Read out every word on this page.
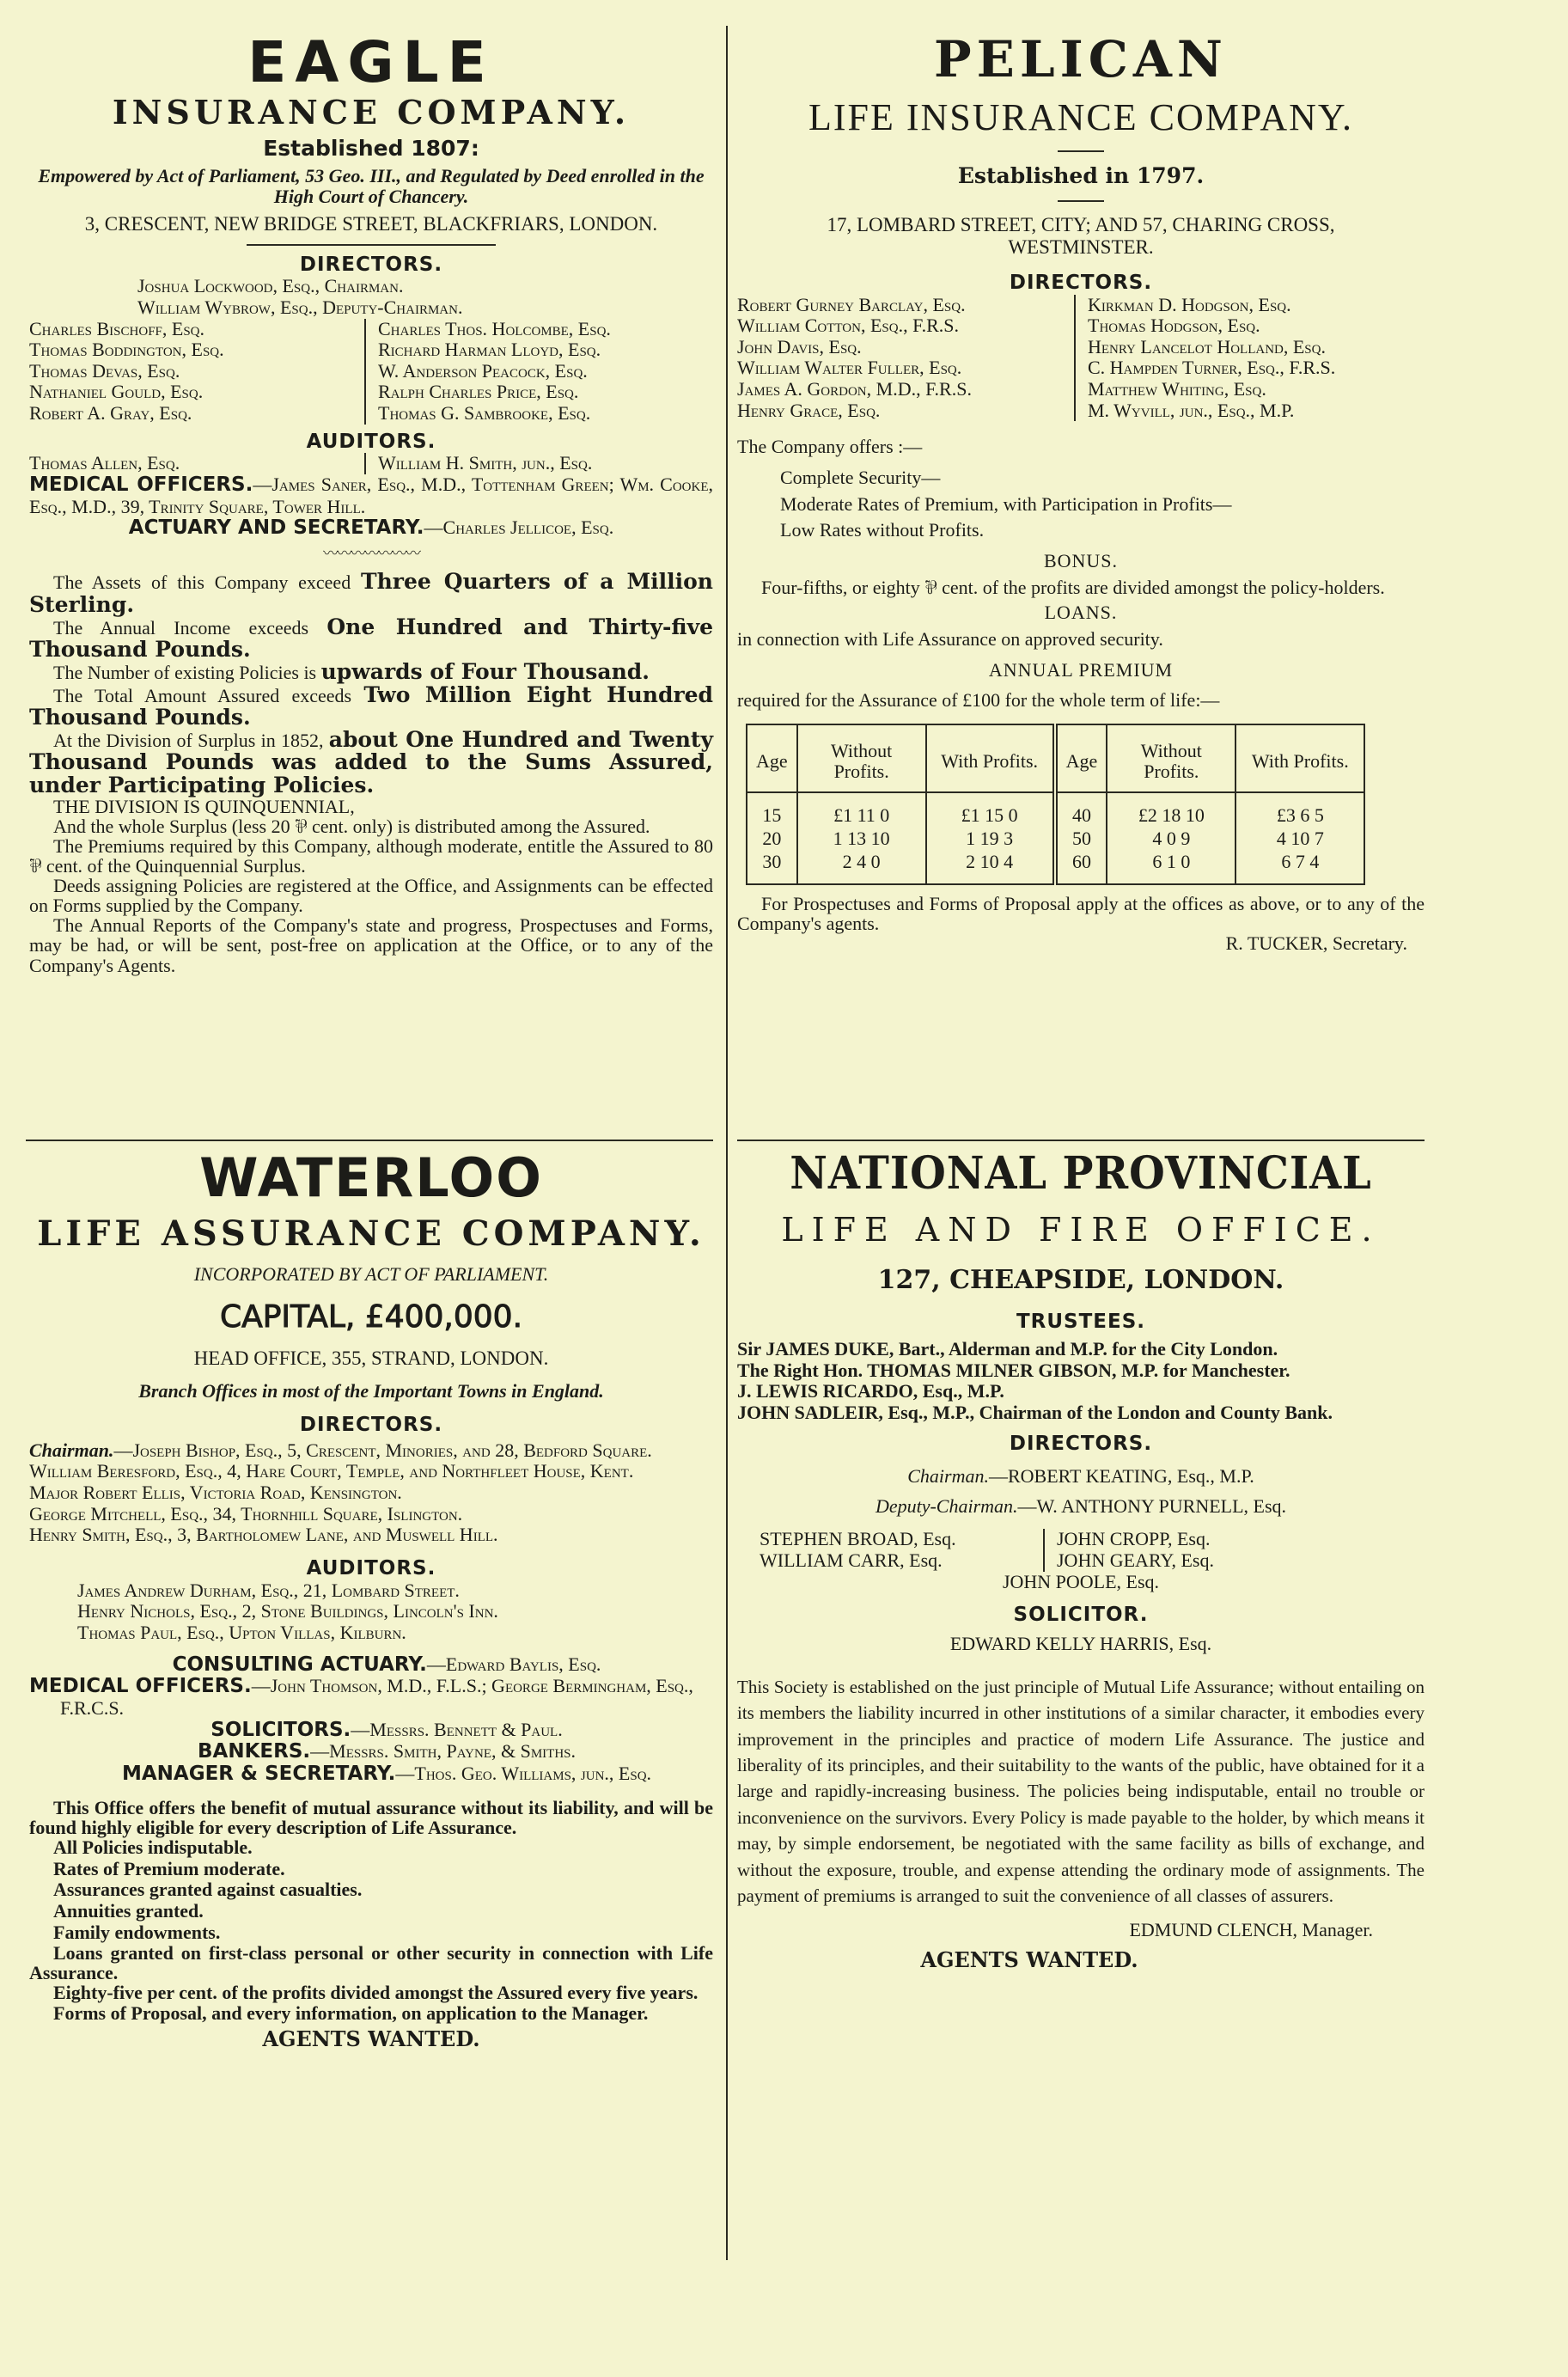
EAGLE
INSURANCE COMPANY.
Established 1807:
Empowered by Act of Parliament, 53 Geo. III., and Regulated by Deed enrolled in the High Court of Chancery.
3, CRESCENT, NEW BRIDGE STREET, BLACKFRIARS, LONDON.
DIRECTORS.
Joshua Lockwood, Esq., Chairman.
William Wybrow, Esq., Deputy-Chairman.
Charles Bischoff, Esq.
Thomas Boddington, Esq.
Thomas Devas, Esq.
Nathaniel Gould, Esq.
Robert A. Gray, Esq.
Charles Thos. Holcombe, Esq.
Richard Harman Lloyd, Esq.
W. Anderson Peacock, Esq.
Ralph Charles Price, Esq.
Thomas G. Sambrooke, Esq.
AUDITORS.
Thomas Allen, Esq.	William H. Smith, jun., Esq.
MEDICAL OFFICERS.—James Saner, Esq., M.D., Tottenham Green; Wm. Cooke, Esq., M.D., 39, Trinity Square, Tower Hill.
ACTUARY AND SECRETARY.—Charles Jellicoe, Esq.
〰〰〰〰〰〰〰
The Assets of this Company exceed Three Quarters of a Million Sterling.
The Annual Income exceeds One Hundred and Thirty-five Thousand Pounds.
The Number of existing Policies is upwards of Four Thousand.
The Total Amount Assured exceeds Two Million Eight Hundred Thousand Pounds.
At the Division of Surplus in 1852, about One Hundred and Twenty Thousand Pounds was added to the Sums Assured, under Participating Policies.
THE DIVISION IS QUINQUENNIAL,
And the whole Surplus (less 20 ⅌ cent. only) is distributed among the Assured.
The Premiums required by this Company, although moderate, entitle the Assured to 80 ⅌ cent. of the Quinquennial Surplus.
Deeds assigning Policies are registered at the Office, and Assignments can be effected on Forms supplied by the Company.
The Annual Reports of the Company's state and progress, Prospectuses and Forms, may be had, or will be sent, post-free on application at the Office, or to any of the Company's Agents.
PELICAN
LIFE INSURANCE COMPANY.
Established in 1797.
17, LOMBARD STREET, CITY; AND 57, CHARING CROSS, WESTMINSTER.
DIRECTORS.
Robert Gurney Barclay, Esq.
William Cotton, Esq., F.R.S.
John Davis, Esq.
William Walter Fuller, Esq.
James A. Gordon, M.D., F.R.S.
Henry Grace, Esq.
Kirkman D. Hodgson, Esq.
Thomas Hodgson, Esq.
Henry Lancelot Holland, Esq.
C. Hampden Turner, Esq., F.R.S.
Matthew Whiting, Esq.
M. Wyvill, jun., Esq., M.P.
The Company offers :—
Complete Security—
Moderate Rates of Premium, with Participation in Profits—
Low Rates without Profits.
BONUS.
Four-fifths, or eighty ⅌ cent. of the profits are divided amongst the policy-holders.
LOANS.
in connection with Life Assurance on approved security.
ANNUAL PREMIUM
required for the Assurance of £100 for the whole term of life:—
Age	Without Profits.	With Profits.	Age	Without Profits.	With Profits.
15	£1 11 0	£1 15 0	40	£2 18 10	£3 6 5
20	1 13 10	1 19 3	50	4 0 9	4 10 7
30	2 4 0	2 10 4	60	6 1 0	6 7 4
For Prospectuses and Forms of Proposal apply at the offices as above, or to any of the Company's agents.
R. TUCKER, Secretary.
WATERLOO
LIFE ASSURANCE COMPANY.
INCORPORATED BY ACT OF PARLIAMENT.
CAPITAL, £400,000.
HEAD OFFICE, 355, STRAND, LONDON.
Branch Offices in most of the Important Towns in England.
DIRECTORS.
Chairman.—Joseph Bishop, Esq., 5, Crescent, Minories, and 28, Bedford Square.
William Beresford, Esq., 4, Hare Court, Temple, and Northfleet House, Kent.
Major Robert Ellis, Victoria Road, Kensington.
George Mitchell, Esq., 34, Thornhill Square, Islington.
Henry Smith, Esq., 3, Bartholomew Lane, and Muswell Hill.
AUDITORS.
James Andrew Durham, Esq., 21, Lombard Street.
Henry Nichols, Esq., 2, Stone Buildings, Lincoln's Inn.
Thomas Paul, Esq., Upton Villas, Kilburn.
CONSULTING ACTUARY.—Edward Baylis, Esq.
MEDICAL OFFICERS.—John Thomson, M.D., F.L.S.; George Bermingham, Esq., F.R.C.S.
SOLICITORS.—Messrs. Bennett & Paul.
BANKERS.—Messrs. Smith, Payne, & Smiths.
MANAGER & SECRETARY.—Thos. Geo. Williams, jun., Esq.
This Office offers the benefit of mutual assurance without its liability, and will be found highly eligible for every description of Life Assurance.
All Policies indisputable.
Rates of Premium moderate.
Assurances granted against casualties.
Annuities granted.
Family endowments.
Loans granted on first-class personal or other security in connection with Life Assurance.
Eighty-five per cent. of the profits divided amongst the Assured every five years.
Forms of Proposal, and every information, on application to the Manager.
AGENTS WANTED.
NATIONAL PROVINCIAL
LIFE AND FIRE OFFICE.
127, CHEAPSIDE, LONDON.
TRUSTEES.
Sir JAMES DUKE, Bart., Alderman and M.P. for the City London.
The Right Hon. THOMAS MILNER GIBSON, M.P. for Manchester.
J. LEWIS RICARDO, Esq., M.P.
JOHN SADLEIR, Esq., M.P., Chairman of the London and County Bank.
DIRECTORS.
Chairman.—ROBERT KEATING, Esq., M.P.
Deputy-Chairman.—W. ANTHONY PURNELL, Esq.
STEPHEN BROAD, Esq.
WILLIAM CARR, Esq.
JOHN CROPP, Esq.
JOHN GEARY, Esq.
JOHN POOLE, Esq.
SOLICITOR.
EDWARD KELLY HARRIS, Esq.
This Society is established on the just principle of Mutual Life Assurance; without entailing on its members the liability incurred in other institutions of a similar character, it embodies every improvement in the principles and practice of modern Life Assurance. The justice and liberality of its principles, and their suitability to the wants of the public, have obtained for it a large and rapidly-increasing business. The policies being indisputable, entail no trouble or inconvenience on the survivors. Every Policy is made payable to the holder, by which means it may, by simple endorsement, be negotiated with the same facility as bills of exchange, and without the exposure, trouble, and expense attending the ordinary mode of assignments. The payment of premiums is arranged to suit the convenience of all classes of assurers.
EDMUND CLENCH, Manager.
AGENTS WANTED.
